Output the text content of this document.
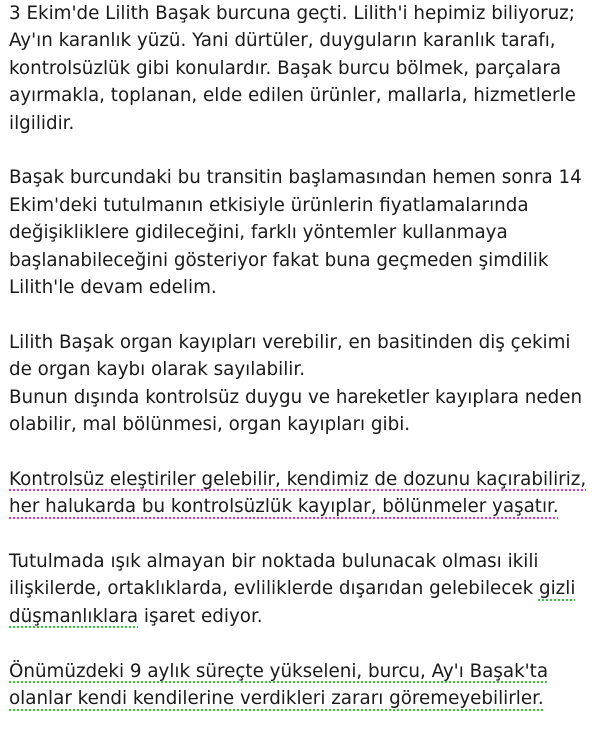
3 Ekim'de Lilith Başak burcuna geçti. Lilith'i hepimiz biliyoruz;
Ay'ın karanlık yüzü. Yani dürtüler, duyguların karanlık tarafı,
kontrolsüzlük gibi konulardır. Başak burcu bölmek, parçalara
ayırmakla, toplanan, elde edilen ürünler, mallarla, hizmetlerle
ilgilidir.

Başak burcundaki bu transitin başlamasından hemen sonra 14
Ekim'deki tutulmanın etkisiyle ürünlerin fiyatlamalarında
değişikliklere gidileceğini, farklı yöntemler kullanmaya
başlanabileceğini gösteriyor fakat buna geçmeden şimdilik
Lilith'le devam edelim.

Lilith Başak organ kayıpları verebilir, en basitinden diş çekimi
de organ kaybı olarak sayılabilir.
Bunun dışında kontrolsüz duygu ve hareketler kayıplara neden
olabilir, mal bölünmesi, organ kayıpları gibi.

Kontrolsüz eleştiriler gelebilir, kendimiz de dozunu kaçırabiliriz,
her halukarda bu kontrolsüzlük kayıplar, bölünmeler yaşatır.

Tutulmada ışık almayan bir noktada bulunacak olması ikili
ilişkilerde, ortaklıklarda, evliliklerde dışarıdan gelebilecek gizli
düşmanlıklara işaret ediyor.

Önümüzdeki 9 aylık süreçte yükseleni, burcu, Ay'ı Başak'ta
olanlar kendi kendilerine verdikleri zararı göremeyebilirler.
